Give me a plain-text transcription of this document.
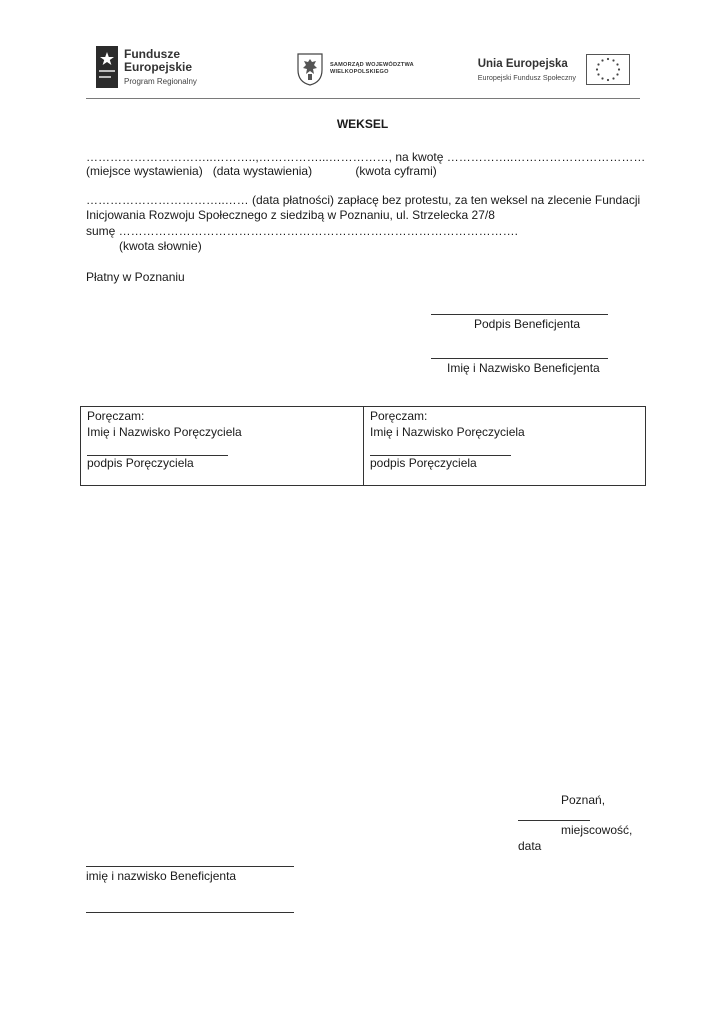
Fundusze
Europejskie
Program Regionalny
SAMORZĄD WOJEWÓDZTWA
WIELKOPOLSKIEGO
Unia Europejska
Europejski Fundusz Społeczny
WEKSEL
…………………………..………..,……………...……………, na kwotę ……………..……………………………
(miejsce wystawienia)   (data wystawienia)             (kwota cyframi)
……………………………..…… (data płatności) zapłacę bez protestu, za ten weksel na zlecenie Fundacji
Inicjowania Rozwoju Społecznego z siedzibą w Poznaniu, ul. Strzelecka 27/8
sumę ……………………………………………………………………………………….
(kwota słownie)
Płatny w Poznaniu
Podpis Beneficjenta
Imię i Nazwisko Beneficjenta
Poręczam:
Imię i Nazwisko Poręczyciela
podpis Poręczyciela
Poręczam:
Imię i Nazwisko Poręczyciela
podpis Poręczyciela
Poznań,
miejscowość,
data
imię i nazwisko Beneficjenta
